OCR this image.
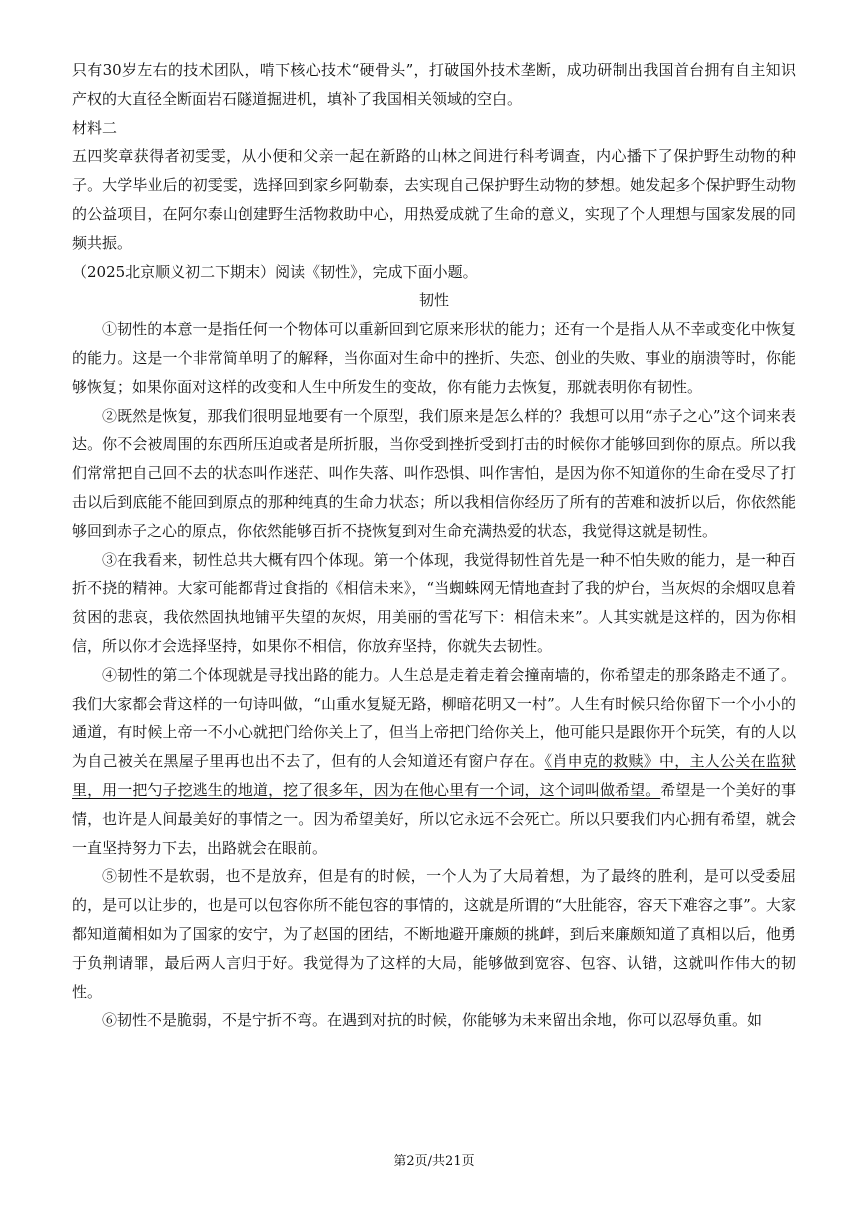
只有30岁左右的技术团队，啃下核心技术“硬骨头”，打破国外技术垄断，成功研制出我国首台拥有自主知识产权的大直径全断面岩石隧道掘进机，填补了我国相关领域的空白。

材料二

五四奖章获得者初雯雯，从小便和父亲一起在新路的山林之间进行科考调查，内心播下了保护野生动物的种子。大学毕业后的初雯雯，选择回到家乡阿勒泰，去实现自己保护野生动物的梦想。她发起多个保护野生动物的公益项目，在阿尔泰山创建野生活物救助中心，用热爱成就了生命的意义，实现了个人理想与国家发展的同频共振。

（2025北京顺义初二下期末）阅读《韧性》，完成下面小题。

韧性

①韧性的本意一是指任何一个物体可以重新回到它原来形状的能力；还有一个是指人从不幸或变化中恢复的能力。这是一个非常简单明了的解释，当你面对生命中的挫折、失恋、创业的失败、事业的崩溃等时，你能够恢复；如果你面对这样的改变和人生中所发生的变故，你有能力去恢复，那就表明你有韧性。

②既然是恢复，那我们很明显地要有一个原型，我们原来是怎么样的？我想可以用“赤子之心”这个词来表达。你不会被周围的东西所压迫或者是所折服，当你受到挫折受到打击的时候你才能够回到你的原点。所以我们常常把自己回不去的状态叫作迷茫、叫作失落、叫作恐惧、叫作害怕，是因为你不知道你的生命在受尽了打击以后到底能不能回到原点的那种纯真的生命力状态；所以我相信你经历了所有的苦难和波折以后，你依然能够回到赤子之心的原点，你依然能够百折不挠恢复到对生命充满热爱的状态，我觉得这就是韧性。

③在我看来，韧性总共大概有四个体现。第一个体现，我觉得韧性首先是一种不怕失败的能力，是一种百折不挠的精神。大家可能都背过食指的《相信未来》，“当蜘蛛网无情地查封了我的炉台，当灰烬的余烟叹息着贫困的悲哀，我依然固执地铺平失望的灰烬，用美丽的雪花写下：相信未来”。人其实就是这样的，因为你相信，所以你才会选择坚持，如果你不相信，你放弃坚持，你就失去韧性。

④韧性的第二个体现就是寻找出路的能力。人生总是走着走着会撞南墙的，你希望走的那条路走不通了。我们大家都会背这样的一句诗叫做，“山重水复疑无路，柳暗花明又一村”。人生有时候只给你留下一个小小的通道，有时候上帝一不小心就把门给你关上了，但当上帝把门给你关上，他可能只是跟你开个玩笑，有的人以为自己被关在黑屋子里再也出不去了，但有的人会知道还有窗户存在。《肖申克的救赎》中，主人公关在监狱里，用一把勺子挖逃生的地道，挖了很多年，因为在他心里有一个词，这个词叫做希望。希望是一个美好的事情，也许是人间最美好的事情之一。因为希望美好，所以它永远不会死亡。所以只要我们内心拥有希望，就会一直坚持努力下去，出路就会在眼前。

⑤韧性不是软弱，也不是放弃，但是有的时候，一个人为了大局着想，为了最终的胜利，是可以受委屈的，是可以让步的，也是可以包容你所不能包容的事情的，这就是所谓的“大肚能容，容天下难容之事”。大家都知道蔺相如为了国家的安宁，为了赵国的团结，不断地避开廉颇的挑衅，到后来廉颇知道了真相以后，他勇于负荆请罪，最后两人言归于好。我觉得为了这样的大局，能够做到宽容、包容、认错，这就叫作伟大的韧性。

⑥韧性不是脆弱，不是宁折不弯。在遇到对抗的时候，你能够为未来留出余地，你可以忍辱负重。如

第2页/共21页
